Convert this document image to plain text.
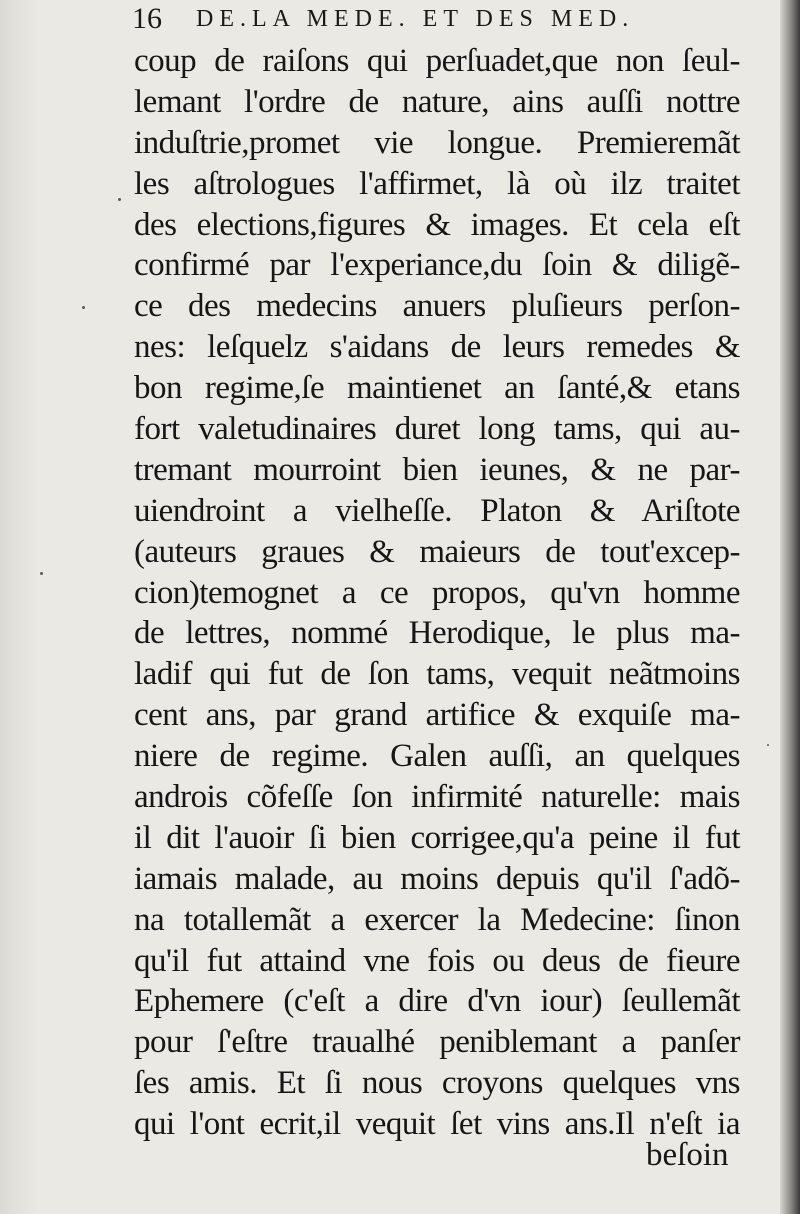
16 DE.LA MEDE. ET DES MED.
coup de raiſons qui perſuadet,que non ſeul-
lemant l'ordre de nature, ains auſſi nottre
induſtrie,promet vie longue. Premieremãt
les aſtrologues l'affirmet, là où ilz traitet
des elections,figures & images. Et cela eſt
confirmé par l'experiance,du ſoin & diligẽ-
ce des medecins anuers pluſieurs perſon-
nes: leſquelz s'aidans de leurs remedes &
bon regime,ſe maintienet an ſanté,& etans
fort valetudinaires duret long tams, qui au-
tremant mourroint bien ieunes, & ne par-
uiendroint a vielheſſe. Platon & Ariſtote
(auteurs graues & maieurs de tout'excep-
cion)temognet a ce propos, qu'vn homme
de lettres, nommé Herodique, le plus ma-
ladif qui fut de ſon tams, vequit neãtmoins
cent ans, par grand artifice & exquiſe ma-
niere de regime. Galen auſſi, an quelques
androis cõfeſſe ſon infirmité naturelle: mais
il dit l'auoir ſi bien corrigee,qu'a peine il fut
iamais malade, au moins depuis qu'il ſ'adõ-
na totallemãt a exercer la Medecine: ſinon
qu'il fut attaind vne fois ou deus de fieure
Ephemere (c'eſt a dire d'vn iour) ſeullemãt
pour ſ'eſtre traualhé peniblemant a panſer
ſes amis. Et ſi nous croyons quelques vns
qui l'ont ecrit,il vequit ſet vins ans.Il n'eſt ia
beſoin
